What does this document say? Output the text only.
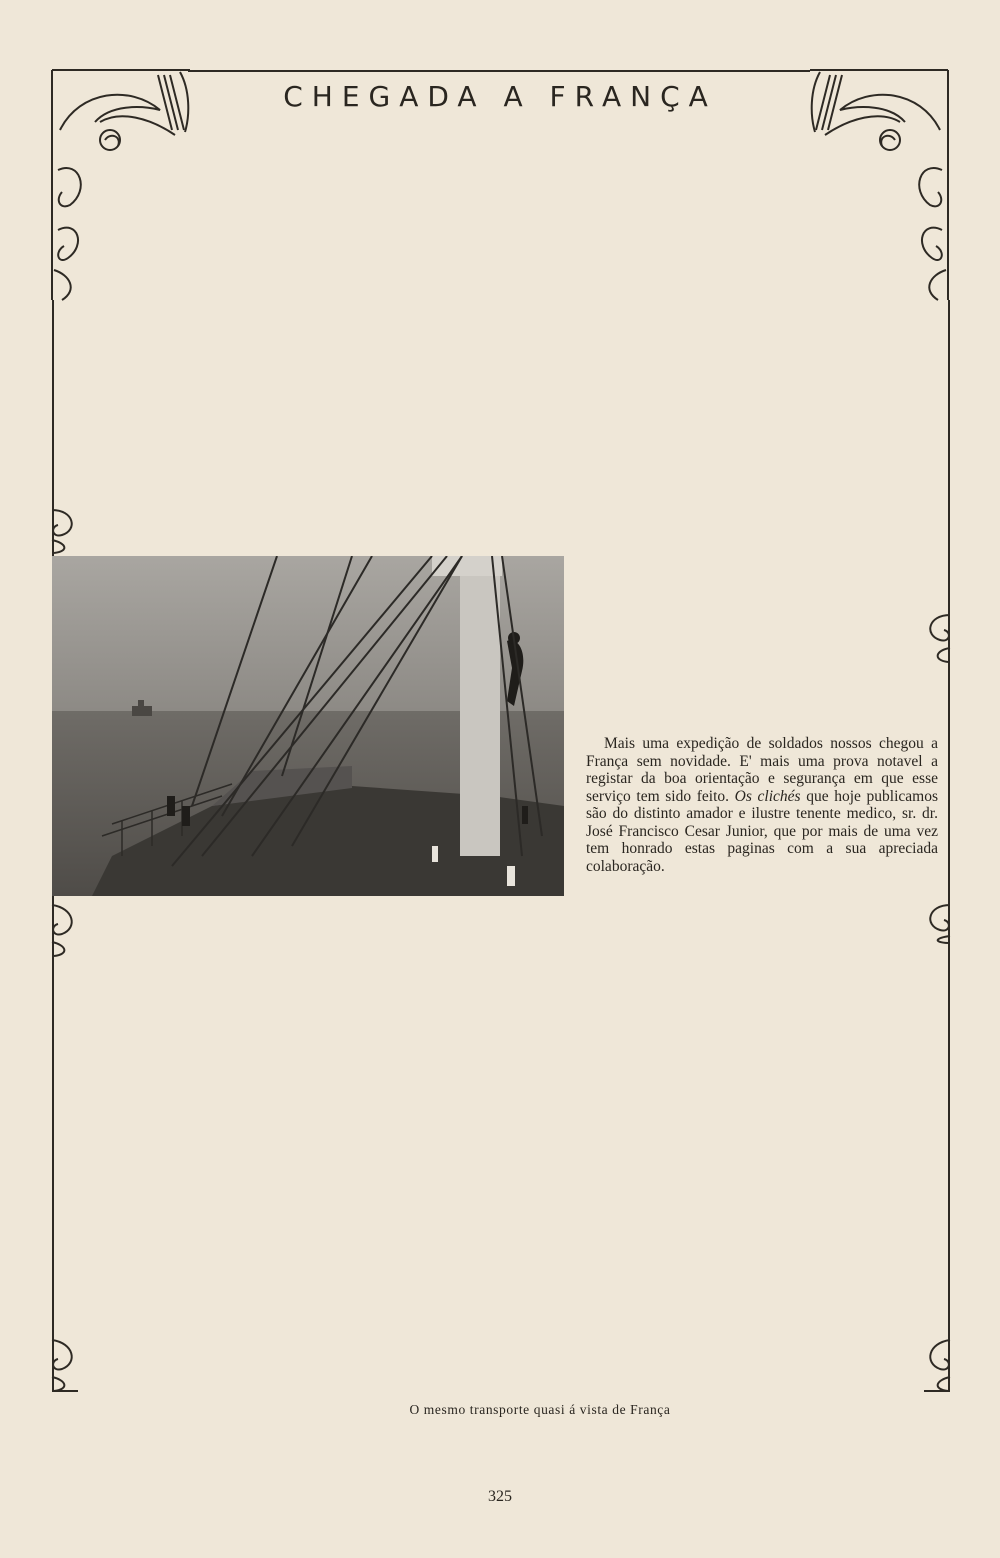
CHEGADA A FRANÇA

Mais uma expedição de soldados nossos chegou a França sem novidade. E' mais uma prova notavel a registar da boa orientação e segurança em que esse serviço tem sido feito. Os clichés que hoje publicamos são do distinto amador e ilustre tenente medico, sr. dr. José Francisco Cesar Junior, que por mais de uma vez tem honrado estas paginas com a sua apreciada colaboração.

O mesmo transporte quasi á vista de França
325
